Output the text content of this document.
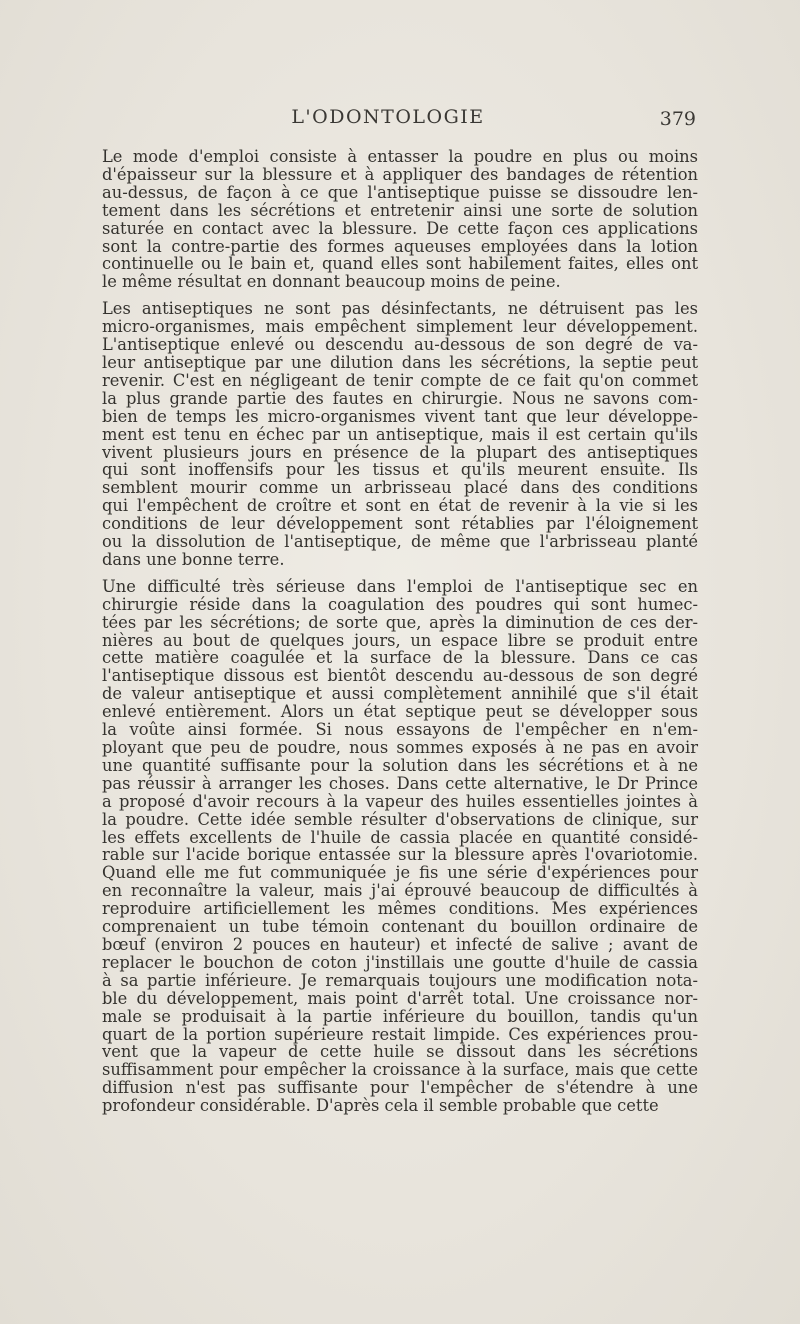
L'ODONTOLOGIE	379
Le mode d'emploi consiste à entasser la poudre en plus ou moins
d'épaisseur sur la blessure et à appliquer des bandages de rétention
au-dessus, de façon à ce que l'antiseptique puisse se dissoudre len-
tement dans les sécrétions et entretenir ainsi une sorte de solution
saturée en contact avec la blessure. De cette façon ces applications
sont la contre-partie des formes aqueuses employées dans la lotion
continuelle ou le bain et, quand elles sont habilement faites, elles ont
le même résultat en donnant beaucoup moins de peine.
Les antiseptiques ne sont pas désinfectants, ne détruisent pas les
micro-organismes, mais empêchent simplement leur développement.
L'antiseptique enlevé ou descendu au-dessous de son degré de va-
leur antiseptique par une dilution dans les sécrétions, la septie peut
revenir. C'est en négligeant de tenir compte de ce fait qu'on commet
la plus grande partie des fautes en chirurgie. Nous ne savons com-
bien de temps les micro-organismes vivent tant que leur développe-
ment est tenu en échec par un antiseptique, mais il est certain qu'ils
vivent plusieurs jours en présence de la plupart des antiseptiques
qui sont inoffensifs pour les tissus et qu'ils meurent ensuite. Ils
semblent mourir comme un arbrisseau placé dans des conditions
qui l'empêchent de croître et sont en état de revenir à la vie si les
conditions de leur développement sont rétablies par l'éloignement
ou la dissolution de l'antiseptique, de même que l'arbrisseau planté
dans une bonne terre.
Une difficulté très sérieuse dans l'emploi de l'antiseptique sec en
chirurgie réside dans la coagulation des poudres qui sont humec-
tées par les sécrétions; de sorte que, après la diminution de ces der-
nières au bout de quelques jours, un espace libre se produit entre
cette matière coagulée et la surface de la blessure. Dans ce cas
l'antiseptique dissous est bientôt descendu au-dessous de son degré
de valeur antiseptique et aussi complètement annihilé que s'il était
enlevé entièrement. Alors un état septique peut se développer sous
la voûte ainsi formée. Si nous essayons de l'empêcher en n'em-
ployant que peu de poudre, nous sommes exposés à ne pas en avoir
une quantité suffisante pour la solution dans les sécrétions et à ne
pas réussir à arranger les choses. Dans cette alternative, le Dr Prince
a proposé d'avoir recours à la vapeur des huiles essentielles jointes à
la poudre. Cette idée semble résulter d'observations de clinique, sur
les effets excellents de l'huile de cassia placée en quantité considé-
rable sur l'acide borique entassée sur la blessure après l'ovariotomie.
Quand elle me fut communiquée je fis une série d'expériences pour
en reconnaître la valeur, mais j'ai éprouvé beaucoup de difficultés à
reproduire artificiellement les mêmes conditions. Mes expériences
comprenaient un tube témoin contenant du bouillon ordinaire de
bœuf (environ 2 pouces en hauteur) et infecté de salive ; avant de
replacer le bouchon de coton j'instillais une goutte d'huile de cassia
à sa partie inférieure. Je remarquais toujours une modification nota-
ble du développement, mais point d'arrêt total. Une croissance nor-
male se produisait à la partie inférieure du bouillon, tandis qu'un
quart de la portion supérieure restait limpide. Ces expériences prou-
vent que la vapeur de cette huile se dissout dans les sécrétions
suffisamment pour empêcher la croissance à la surface, mais que cette
diffusion n'est pas suffisante pour l'empêcher de s'étendre à une
profondeur considérable. D'après cela il semble probable que cette
